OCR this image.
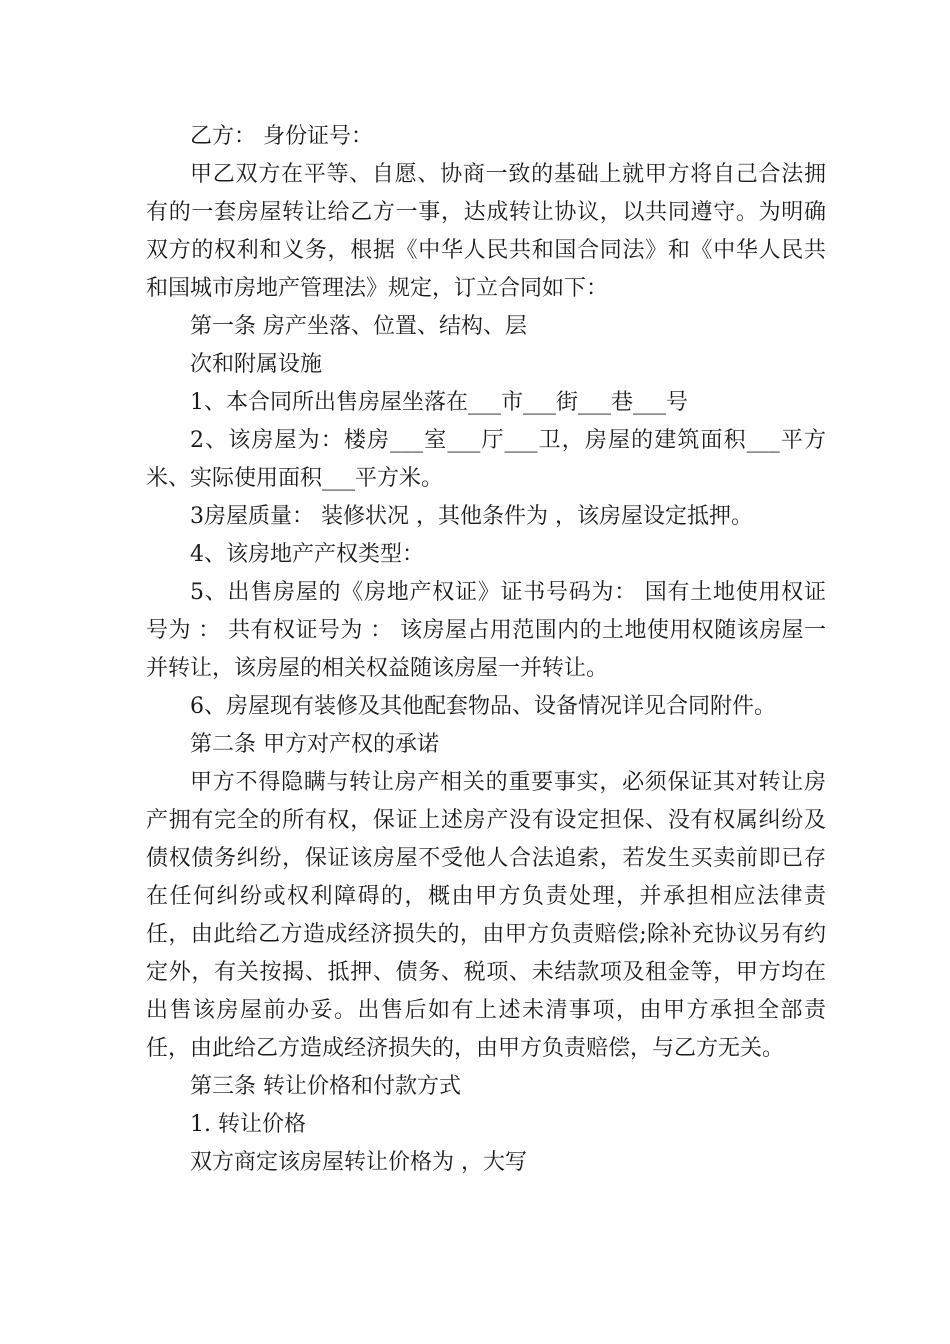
乙方： 身份证号：

甲乙双方在平等、自愿、协商一致的基础上就甲方将自己合法拥有的一套房屋转让给乙方一事，达成转让协议，以共同遵守。为明确双方的权利和义务，根据《中华人民共和国合同法》和《中华人民共和国城市房地产管理法》规定，订立合同如下：

第一条 房产坐落、位置、结构、层

次和附属设施

1、本合同所出售房屋坐落在___市___街___巷___号

2、该房屋为：楼房___室___厅___卫，房屋的建筑面积___平方米、实际使用面积___平方米。

3房屋质量： 装修状况 ，其他条件为 ，该房屋设定抵押。

4、该房地产产权类型：

5、出售房屋的《房地产权证》证书号码为： 国有土地使用权证号为 ： 共有权证号为 ： 该房屋占用范围内的土地使用权随该房屋一并转让，该房屋的相关权益随该房屋一并转让。

6、房屋现有装修及其他配套物品、设备情况详见合同附件。

第二条 甲方对产权的承诺

甲方不得隐瞒与转让房产相关的重要事实，必须保证其对转让房产拥有完全的所有权，保证上述房产没有设定担保、没有权属纠纷及债权债务纠纷，保证该房屋不受他人合法追索，若发生买卖前即已存在任何纠纷或权利障碍的，概由甲方负责处理，并承担相应法律责任，由此给乙方造成经济损失的，由甲方负责赔偿;除补充协议另有约定外，有关按揭、抵押、债务、税项、未结款项及租金等，甲方均在出售该房屋前办妥。出售后如有上述未清事项，由甲方承担全部责任，由此给乙方造成经济损失的，由甲方负责赔偿，与乙方无关。

第三条 转让价格和付款方式

1. 转让价格

双方商定该房屋转让价格为 ，大写
